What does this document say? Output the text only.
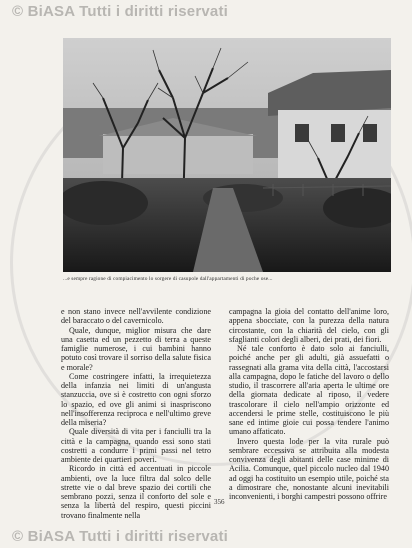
© BiASA Tutti i diritti riservati
...e sempre ragione di compiacimento lo sorgere di casupole dall'appartamenti di poche ose...

e non stano invece nell'avvilente condizione del baraccato o del cavernicolo.

Quale, dunque, miglior misura che dare una casetta ed un pezzetto di terra a queste famiglie numerose, i cui bambini hanno potuto così trovare il sorriso della salute fisica e morale?

Come costringere infatti, la irrequietezza della infanzia nei limiti di un'angusta stanzuccia, ove si è costretto con ogni sforzo lo spazio, ed ove gli animi si inaspriscono nell'insofferenza reciproca e nell'ultimo greve della miseria?

Quale diversità di vita per i fanciulli tra la città e la campagna, quando essi sono stati costretti a condurre i primi passi nel tetro ambiente dei quartieri poveri.

Ricordo in città ed accentuati in piccole ambienti, ove la luce filtra dal solco delle strette vie o dal breve spazio dei cortili che sembrano pozzi, senza il conforto del sole e senza la libertà del respiro, questi piccini trovano finalmente nella

campagna la gioia del contatto dell'anime loro, appena sbocciate, con la purezza della natura circostante, con la chiarità del cielo, con gli sfaglianti colori degli alberi, dei prati, dei fiori.

Né tale conforto è dato solo ai fanciulli, poiché anche per gli adulti, già assuefatti o rassegnati alla grama vita della città, l'accostarsi alla campagna, dopo le fatiche del lavoro o dello studio, il trascorrere all'aria aperta le ultime ore della giornata dedicate al riposo, il vedere trascolorare il cielo nell'ampio orizzonte ed accendersi le prime stelle, costituiscono le più sane ed intime gioie cui possa tendere l'animo umano affaticato.

Invero questa lode per la vita rurale può sembrare eccessiva se attribuita alla modesta convivenza degli abitanti delle case minime di Acilia. Comunque, quel piccolo nucleo dal 1940 ad oggi ha costituito un esempio utile, poiché sta a dimostrare che, nonostante alcuni inevitabili inconvenienti, i borghi campestri possono offrire

356
© BiASA Tutti i diritti riservati
